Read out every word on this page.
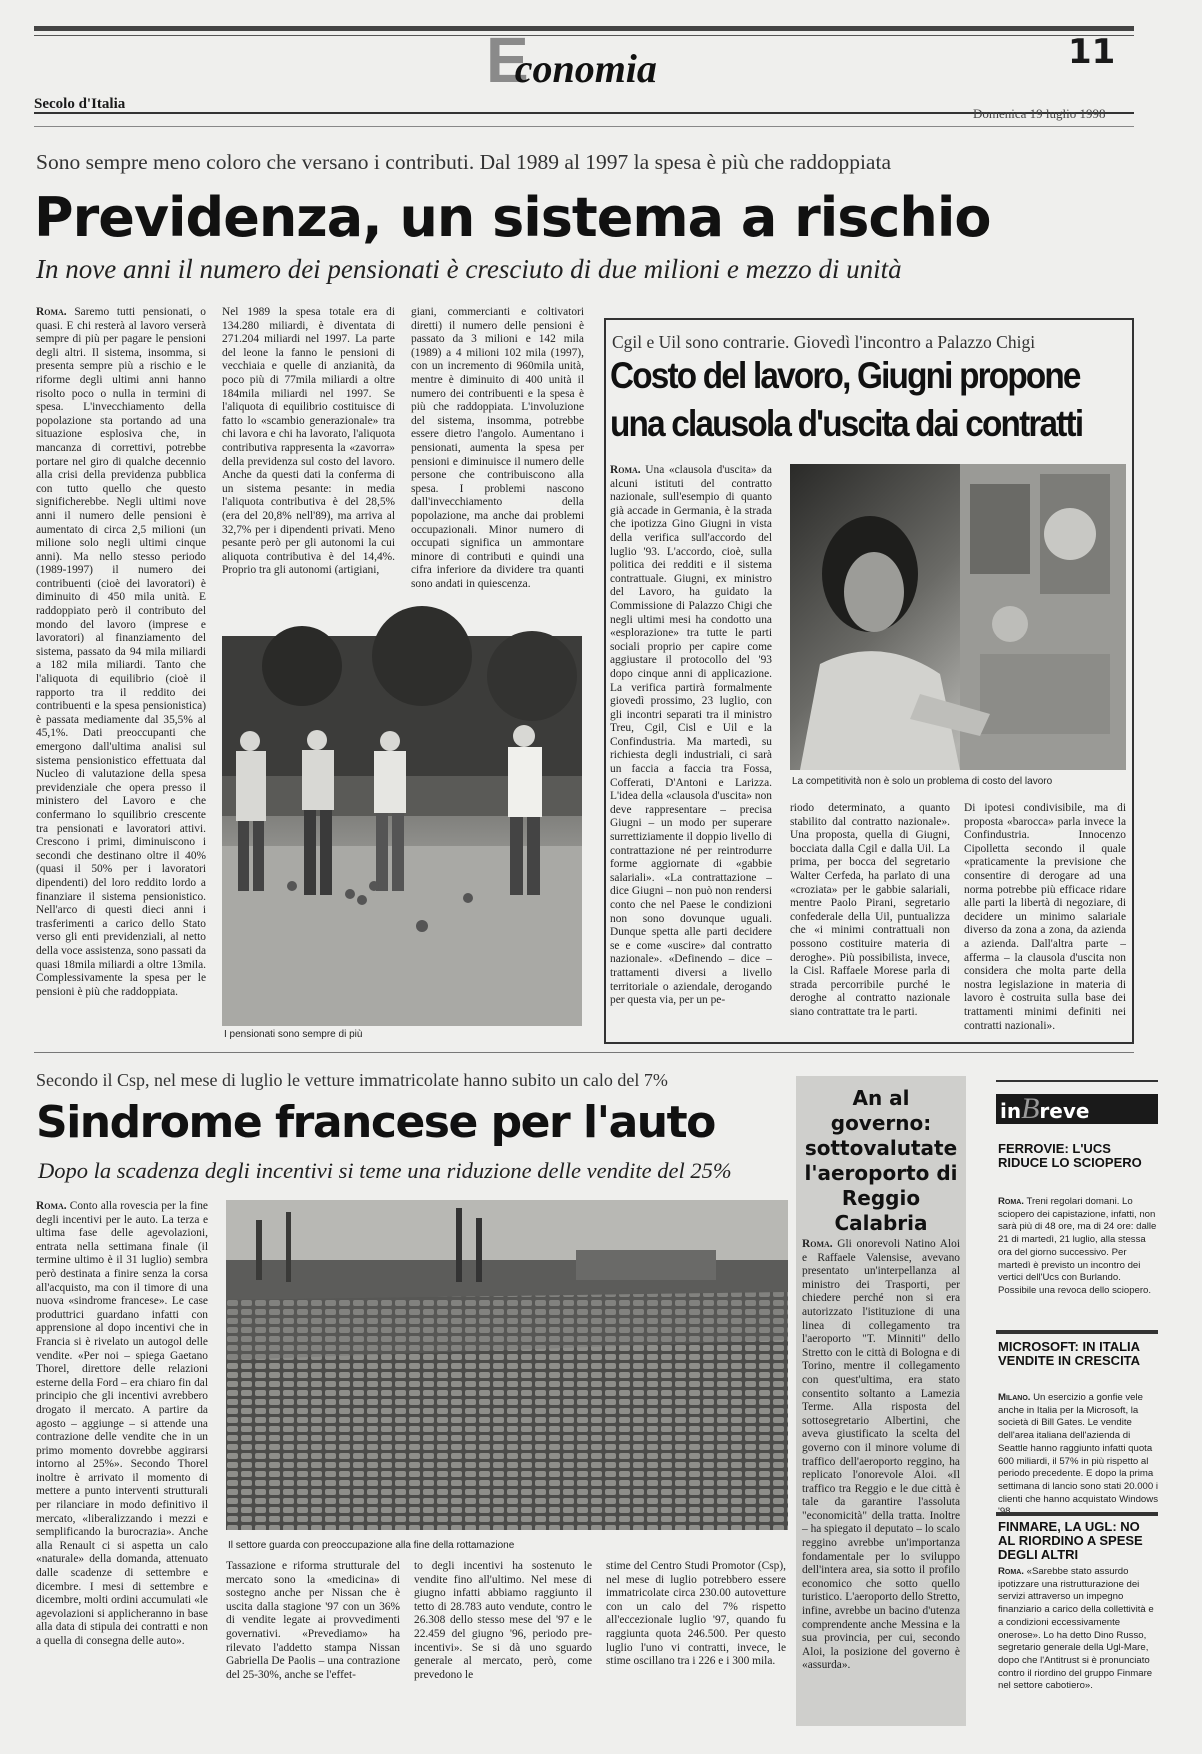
Economia	11
Secolo d'Italia
Domenica 19 luglio 1998
Sono sempre meno coloro che versano i contributi. Dal 1989 al 1997 la spesa è più che raddoppiata
Previdenza, un sistema a rischio
In nove anni il numero dei pensionati è cresciuto di due milioni e mezzo di unità

Roma. Saremo tutti pensionati, o quasi. E chi resterà al lavoro verserà sempre di più per pagare le pensioni degli altri. Il sistema, insomma, si presenta sempre più a rischio e le riforme degli ultimi anni hanno risolto poco o nulla in termini di spesa. L'invecchiamento della popolazione sta portando ad una situazione esplosiva che, in mancanza di correttivi, potrebbe portare nel giro di qualche decennio alla crisi della previdenza pubblica con tutto quello che questo significherebbe. Negli ultimi nove anni il numero delle pensioni è aumentato di circa 2,5 milioni (un milione solo negli ultimi cinque anni). Ma nello stesso periodo (1989-1997) il numero dei contribuenti (cioè dei lavoratori) è diminuito di 450 mila unità. E raddoppiato però il contributo del mondo del lavoro (imprese e lavoratori) al finanziamento del sistema, passato da 94 mila miliardi a 182 mila miliardi. Tanto che l'aliquota di equilibrio (cioè il rapporto tra il reddito dei contribuenti e la spesa pensionistica) è passata mediamente dal 35,5% al 45,1%. Dati preoccupanti che emergono dall'ultima analisi sul sistema pensionistico effettuata dal Nucleo di valutazione della spesa previdenziale che opera presso il ministero del Lavoro e che confermano lo squilibrio crescente tra pensionati e lavoratori attivi. Crescono i primi, diminuiscono i secondi che destinano oltre il 40% (quasi il 50% per i lavoratori dipendenti) del loro reddito lordo a finanziare il sistema pensionistico. Nell'arco di questi dieci anni i trasferimenti a carico dello Stato verso gli enti previdenziali, al netto della voce assistenza, sono passati da quasi 18mila miliardi a oltre 13mila. Complessivamente la spesa per le pensioni è più che raddoppiata.

Nel 1989 la spesa totale era di 134.280 miliardi, è diventata di 271.204 miliardi nel 1997. La parte del leone la fanno le pensioni di vecchiaia e quelle di anzianità, da poco più di 77mila miliardi a oltre 184mila miliardi nel 1997. Se l'aliquota di equilibrio costituisce di fatto lo «scambio generazionale» tra chi lavora e chi ha lavorato, l'aliquota contributiva rappresenta la «zavorra» della previdenza sul costo del lavoro. Anche da questi dati la conferma di un sistema pesante: in media l'aliquota contributiva è del 28,5% (era del 20,8% nell'89), ma arriva al 32,7% per i dipendenti privati. Meno pesante però per gli autonomi la cui aliquota contributiva è del 14,4%. Proprio tra gli autonomi (artigiani,

giani, commercianti e coltivatori diretti) il numero delle pensioni è passato da 3 milioni e 142 mila (1989) a 4 milioni 102 mila (1997), con un incremento di 960mila unità, mentre è diminuito di 400 unità il numero dei contribuenti e la spesa è più che raddoppiata. L'involuzione del sistema, insomma, potrebbe essere dietro l'angolo. Aumentano i pensionati, aumenta la spesa per pensioni e diminuisce il numero delle persone che contribuiscono alla spesa. I problemi nascono dall'invecchiamento della popolazione, ma anche dai problemi occupazionali. Minor numero di occupati significa un ammontare minore di contributi e quindi una cifra inferiore da dividere tra quanti sono andati in quiescenza.

I pensionati sono sempre di più
Cgil e Uil sono contrarie. Giovedì l'incontro a Palazzo Chigi
Costo del lavoro, Giugni propone
una clausola d'uscita dai contratti

Roma. Una «clausola d'uscita» da alcuni istituti del contratto nazionale, sull'esempio di quanto già accade in Germania, è la strada che ipotizza Gino Giugni in vista della verifica sull'accordo del luglio '93. L'accordo, cioè, sulla politica dei redditi e il sistema contrattuale. Giugni, ex ministro del Lavoro, ha guidato la Commissione di Palazzo Chigi che negli ultimi mesi ha condotto una «esplorazione» tra tutte le parti sociali proprio per capire come aggiustare il protocollo del '93 dopo cinque anni di applicazione. La verifica partirà formalmente giovedì prossimo, 23 luglio, con gli incontri separati tra il ministro Treu, Cgil, Cisl e Uil e la Confindustria. Ma martedì, su richiesta degli industriali, ci sarà un faccia a faccia tra Fossa, Cofferati, D'Antoni e Larizza. L'idea della «clausola d'uscita» non deve rappresentare – precisa Giugni – un modo per superare surrettiziamente il doppio livello di contrattazione né per reintrodurre forme aggiornate di «gabbie salariali». «La contrattazione – dice Giugni – non può non rendersi conto che nel Paese le condizioni non sono dovunque uguali. Dunque spetta alle parti decidere se e come «uscire» dal contratto nazionale». «Definendo – dice – trattamenti diversi a livello territoriale o aziendale, derogando per questa via, per un pe-

La competitività non è solo un problema di costo del lavoro

riodo determinato, a quanto stabilito dal contratto nazionale». Una proposta, quella di Giugni, bocciata dalla Cgil e dalla Uil. La prima, per bocca del segretario Walter Cerfeda, ha parlato di una «croziata» per le gabbie salariali, mentre Paolo Pirani, segretario confederale della Uil, puntualizza che «i minimi contrattuali non possono costituire materia di deroghe». Più possibilista, invece, la Cisl. Raffaele Morese parla di strada percorribile purché le deroghe al contratto nazionale siano contrattate tra le parti.

Di ipotesi condivisibile, ma di proposta «barocca» parla invece la Confindustria. Innocenzo Cipolletta secondo il quale «praticamente la previsione che consentire di derogare ad una norma potrebbe più efficace ridare alle parti la libertà di negoziare, di decidere un minimo salariale diverso da zona a zona, da azienda a azienda. Dall'altra parte – afferma – la clausola d'uscita non considera che molta parte della nostra legislazione in materia di lavoro è costruita sulla base dei trattamenti minimi definiti nei contratti nazionali».

Secondo il Csp, nel mese di luglio le vetture immatricolate hanno subito un calo del 7%
Sindrome francese per l'auto
Dopo la scadenza degli incentivi si teme una riduzione delle vendite del 25%

Roma. Conto alla rovescia per la fine degli incentivi per le auto. La terza e ultima fase delle agevolazioni, entrata nella settimana finale (il termine ultimo è il 31 luglio) sembra però destinata a finire senza la corsa all'acquisto, ma con il timore di una nuova «sindrome francese». Le case produttrici guardano infatti con apprensione al dopo incentivi che in Francia si è rivelato un autogol delle vendite. «Per noi – spiega Gaetano Thorel, direttore delle relazioni esterne della Ford – era chiaro fin dal principio che gli incentivi avrebbero drogato il mercato. A partire da agosto – aggiunge – si attende una contrazione delle vendite che in un primo momento dovrebbe aggirarsi intorno al 25%». Secondo Thorel inoltre è arrivato il momento di mettere a punto interventi strutturali per rilanciare in modo definitivo il mercato, «liberalizzando i mezzi e semplificando la burocrazia». Anche alla Renault ci si aspetta un calo «naturale» della domanda, attenuato dalle scadenze di settembre e dicembre. I mesi di settembre e dicembre, molti ordini accumulati «le agevolazioni si applicheranno in base alla data di stipula dei contratti e non a quella di consegna delle auto».

Il settore guarda con preoccupazione alla fine della rottamazione

Tassazione e riforma strutturale del mercato sono la «medicina» di sostegno anche per Nissan che è uscita dalla stagione '97 con un 36% di vendite legate ai provvedimenti governativi. «Prevediamo» ha rilevato l'addetto stampa Nissan Gabriella De Paolis – una contrazione del 25-30%, anche se l'effet-

to degli incentivi ha sostenuto le vendite fino all'ultimo. Nel mese di giugno infatti abbiamo raggiunto il tetto di 28.783 auto vendute, contro le 26.308 dello stesso mese del '97 e le 22.459 del giugno '96, periodo pre-incentivi». Se si dà uno sguardo generale al mercato, però, come prevedono le

stime del Centro Studi Promotor (Csp), nel mese di luglio potrebbero essere immatricolate circa 230.00 autovetture con un calo del 7% rispetto all'eccezionale luglio '97, quando fu raggiunta quota 246.500. Per questo luglio l'uno vi contratti, invece, le stime oscillano tra i 226 e i 300 mila.

An al governo: sottovalutate l'aeroporto di Reggio Calabria

Roma. Gli onorevoli Natino Aloi e Raffaele Valensise, avevano presentato un'interpellanza al ministro dei Trasporti, per chiedere perché non si era autorizzato l'istituzione di una linea di collegamento tra l'aeroporto "T. Minniti" dello Stretto con le città di Bologna e di Torino, mentre il collegamento con quest'ultima, era stato consentito soltanto a Lamezia Terme. Alla risposta del sottosegretario Albertini, che aveva giustificato la scelta del governo con il minore volume di traffico dell'aeroporto reggino, ha replicato l'onorevole Aloi. «Il traffico tra Reggio e le due città è tale da garantire l'assoluta "economicità" della tratta. Inoltre – ha spiegato il deputato – lo scalo reggino avrebbe un'importanza fondamentale per lo sviluppo dell'intera area, sia sotto il profilo economico che sotto quello turistico. L'aeroporto dello Stretto, infine, avrebbe un bacino d'utenza comprendente anche Messina e la sua provincia, per cui, secondo Aloi, la posizione del governo è «assurda».

inBreve
FERROVIE: L'UCS RIDUCE LO SCIOPERO
Roma. Treni regolari domani. Lo sciopero dei capistazione, infatti, non sarà più di 48 ore, ma di 24 ore: dalle 21 di martedì, 21 luglio, alla stessa ora del giorno successivo. Per martedì è previsto un incontro dei vertici dell'Ucs con Burlando. Possibile una revoca dello sciopero.
MICROSOFT: IN ITALIA VENDITE IN CRESCITA
Milano. Un esercizio a gonfie vele anche in Italia per la Microsoft, la società di Bill Gates. Le vendite dell'area italiana dell'azienda di Seattle hanno raggiunto infatti quota 600 miliardi, il 57% in più rispetto al periodo precedente. E dopo la prima settimana di lancio sono stati 20.000 i clienti che hanno acquistato Windows
FINMARE, LA UGL: NO AL RIORDINO A SPESE DEGLI ALTRI
Roma. «Sarebbe stato assurdo ipotizzare una ristrutturazione dei servizi attraverso un impegno finanziario a carico della collettività e a condizioni eccessivamente onerose». Lo ha detto Dino Russo, segretario generale della Ugl-Mare, dopo che l'Antitrust si è pronunciato contro il riordino del gruppo Finmare nel settore cabotiero».
